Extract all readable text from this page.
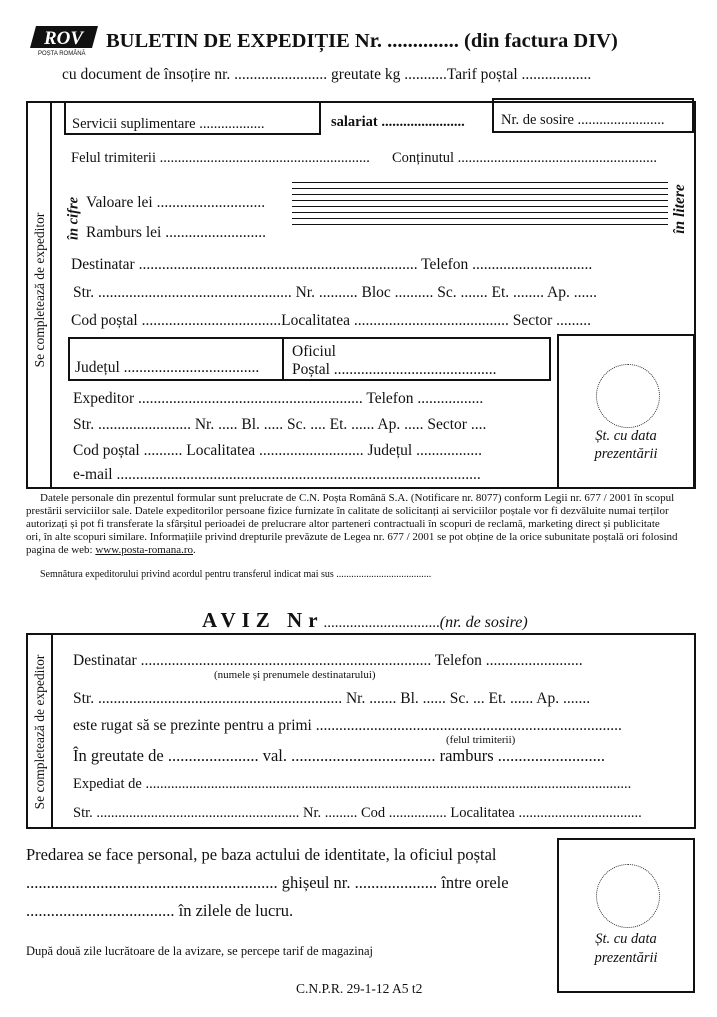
ROV
POȘTA ROMÂNĂ
BULETIN DE EXPEDIȚIE Nr. .............. (din factura DIV)
cu document de însoțire nr. ........................ greutate kg ...........Tarif poștal ..................
Se completează de expeditor
Servicii suplimentare ..................	salariat .......................	Nr. de sosire ........................
Felul trimiterii .......................................................... Conținutul .......................................................
în cifre Valoare lei ............................
Ramburs lei ..........................	în litere
Destinatar ........................................................................ Telefon ...............................
Str. .................................................. Nr. .......... Bloc .......... Sc. ....... Et. ........ Ap. ......
Cod poștal ....................................Localitatea ........................................ Sector .........
Județul ...................................
Oficiul
Poștal ..........................................
Șt. cu data
prezentării
Expeditor .......................................................... Telefon .................
Str. ........................ Nr. ..... Bl. ..... Sc. .... Et. ...... Ap. ..... Sector ....
Cod poștal .......... Localitatea ........................... Județul .................
e-mail ..............................................................................................
Datele personale din prezentul formular sunt prelucrate de C.N. Poșta Română S.A. (Notificare nr. 8077) conform Legii nr. 677 / 2001 în scopul
prestării serviciilor sale. Datele expeditorilor persoane fizice furnizate în calitate de solicitanți ai serviciilor poștale vor fi dezvăluite numai terților
autorizați și pot fi transferate la sfârșitul perioadei de prelucrare altor parteneri contractuali în scopuri de reclamă, marketing direct și publicitate
ori, în alte scopuri similare. Informațiile privind drepturile prevăzute de Legea nr. 677 / 2001 se pot obține de la orice subunitate poștală ori folosind
pagina de web: www.posta-romana.ro.
Semnătura expeditorului privind acordul pentru transferul indicat mai sus ......................................
AVIZ Nr...............................(nr. de sosire)
Se completează de expeditor Destinatar ........................................................................... Telefon .........................
(numele și prenumele destinatarului)
Str. ............................................................... Nr. ....... Bl. ...... Sc. ... Et. ...... Ap. .......
este rugat să se prezinte pentru a primi ...............................................................................
(felul trimiterii)
În greutate de ...................... val. ................................... ramburs ..........................
Expediat de ......................................................................................................................................
Str. ........................................................ Nr. ......... Cod ................ Localitatea ..................................
Predarea se face personal, pe baza actului de identitate, la oficiul poștal
............................................................. ghișeul nr. .................... între orele
.................................... în zilele de lucru.
După două zile lucrătoare de la avizare, se percepe tarif de magazinaj
C.N.P.R. 29-1-12 A5 t2
Șt. cu data
prezentării
